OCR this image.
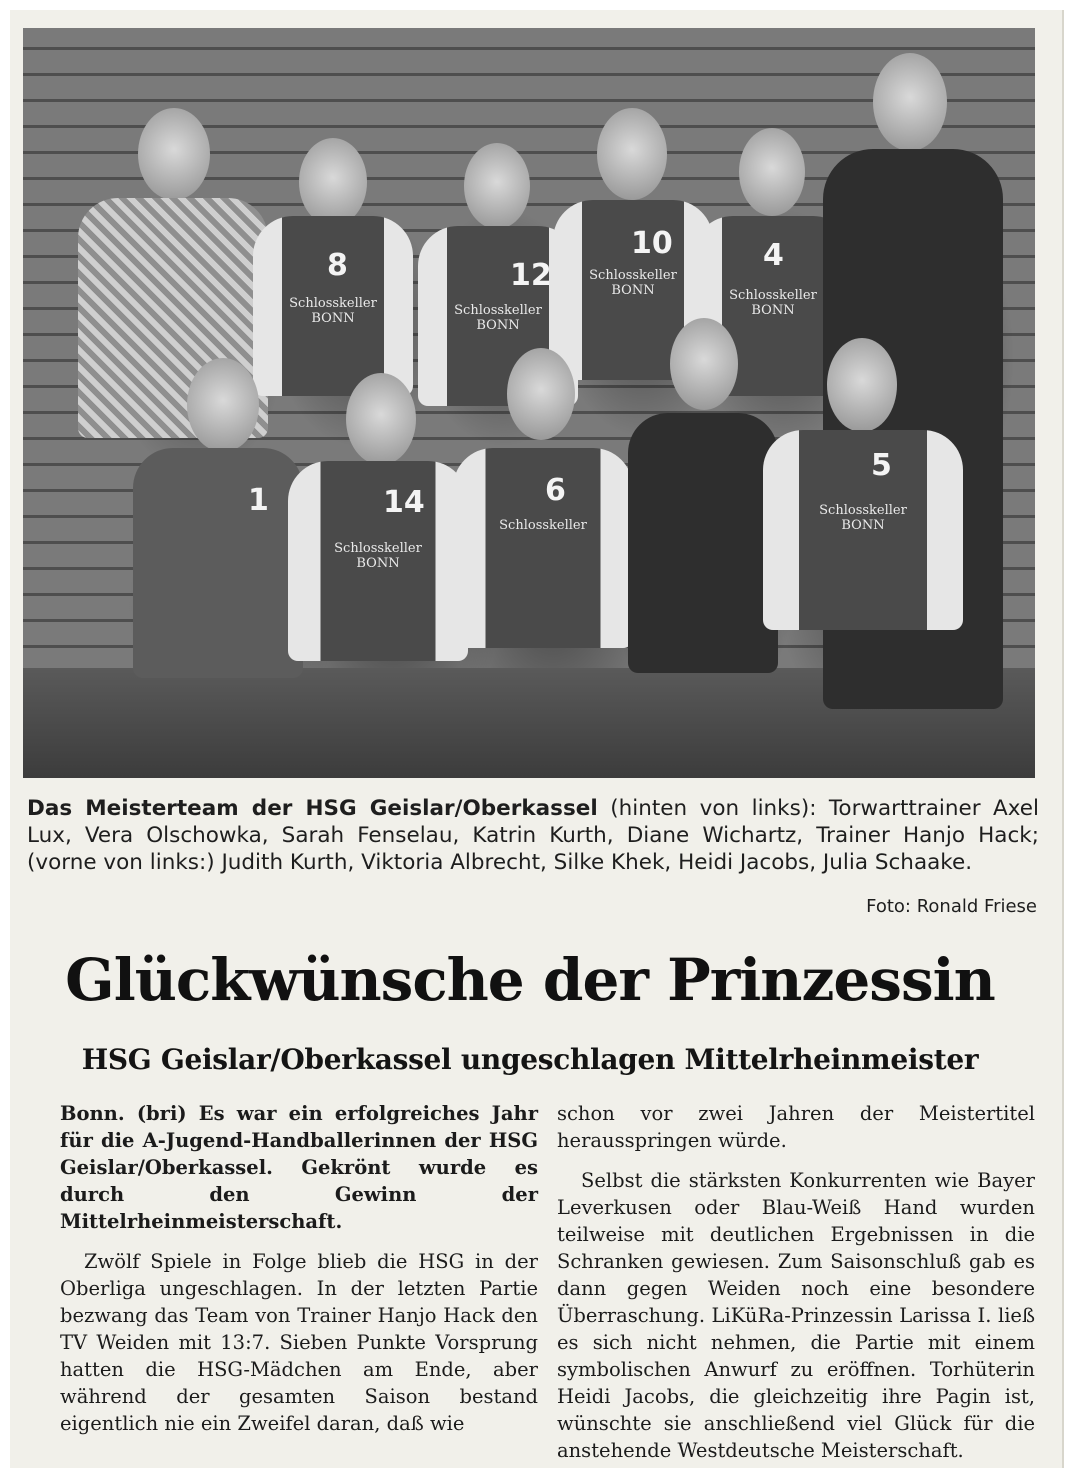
8
Schlosskeller
BONN
12
Schlosskeller
BONN
10
Schlosskeller
BONN
4
Schlosskeller
BONN
1	14
Schlosskeller
BONN
6
Schlosskeller
5
Schlosskeller
BONN
Das Meisterteam der HSG Geislar/Oberkassel (hinten von links): Torwarttrainer Axel Lux, Vera Olschowka, Sarah Fenselau, Katrin Kurth, Diane Wichartz, Trainer Hanjo Hack; (vorne von links:) Judith Kurth, Viktoria Albrecht, Silke Khek, Heidi Jacobs, Julia Schaake.
Foto: Ronald Friese
Glückwünsche der Prinzessin
HSG Geislar/Oberkassel ungeschlagen Mittelrheinmeister

Bonn. (bri) Es war ein erfolgreiches Jahr für die A-Jugend-Handballerinnen der HSG Geislar/Oberkassel. Gekrönt wurde es durch den Gewinn der Mittelrheinmeisterschaft.

Zwölf Spiele in Folge blieb die HSG in der Oberliga ungeschlagen. In der letzten Partie bezwang das Team von Trainer Hanjo Hack den TV Weiden mit 13:7. Sieben Punkte Vorsprung hatten die HSG-Mädchen am Ende, aber während der gesamten Saison bestand eigentlich nie ein Zweifel daran, daß wie

schon vor zwei Jahren der Meistertitel herausspringen würde.

Selbst die stärksten Konkurrenten wie Bayer Leverkusen oder Blau-Weiß Hand wurden teilweise mit deutlichen Ergebnissen in die Schranken gewiesen. Zum Saisonschluß gab es dann gegen Weiden noch eine besondere Überraschung. LiKüRa-Prinzessin Larissa I. ließ es sich nicht nehmen, die Partie mit einem symbolischen Anwurf zu eröffnen. Torhüterin Heidi Jacobs, die gleichzeitig ihre Pagin ist, wünschte sie anschließend viel Glück für die anstehende Westdeutsche Meisterschaft.
